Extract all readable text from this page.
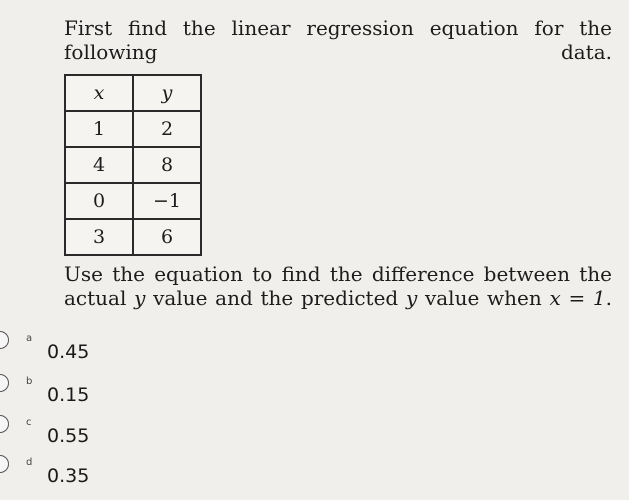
First find the linear regression equation for the following data.

x	y
1	2
4	8
0	−1
3	6

Use the equation to find the difference between the actual y value and the predicted y value when x = 1.

a
0.45
b
0.15
c
0.55
d
0.35
